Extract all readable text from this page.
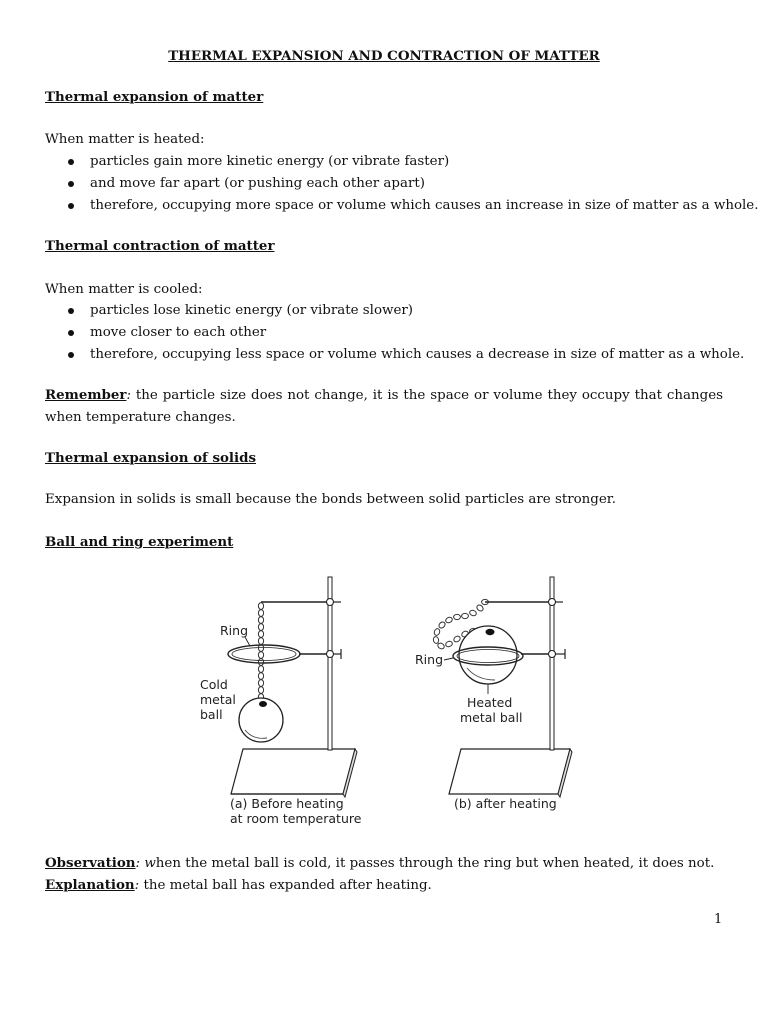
THERMAL EXPANSION AND CONTRACTION OF MATTER
Thermal expansion of matter
When matter is heated:
particles gain more kinetic energy (or vibrate faster)
and move far apart (or pushing each other apart)
therefore, occupying more space or volume which causes an increase in size of matter as a whole.
Thermal contraction of matter
When matter is cooled:
particles lose kinetic energy (or vibrate slower)
move closer to each other
therefore, occupying less space or volume which causes a decrease in size of matter as a whole.
Remember: the particle size does not change, it is the space or volume they occupy that changes when temperature changes.
Thermal expansion of solids
Expansion in solids is small because the bonds between solid particles are stronger.
Ball and ring experiment
Ring
Cold
metal
ball
(a) Before heating
at room temperature
Ring
Heated
metal ball
(b) after heating
Observation: when the metal ball is cold, it passes through the ring but when heated, it does not.
Explanation: the metal ball has expanded after heating.
1
